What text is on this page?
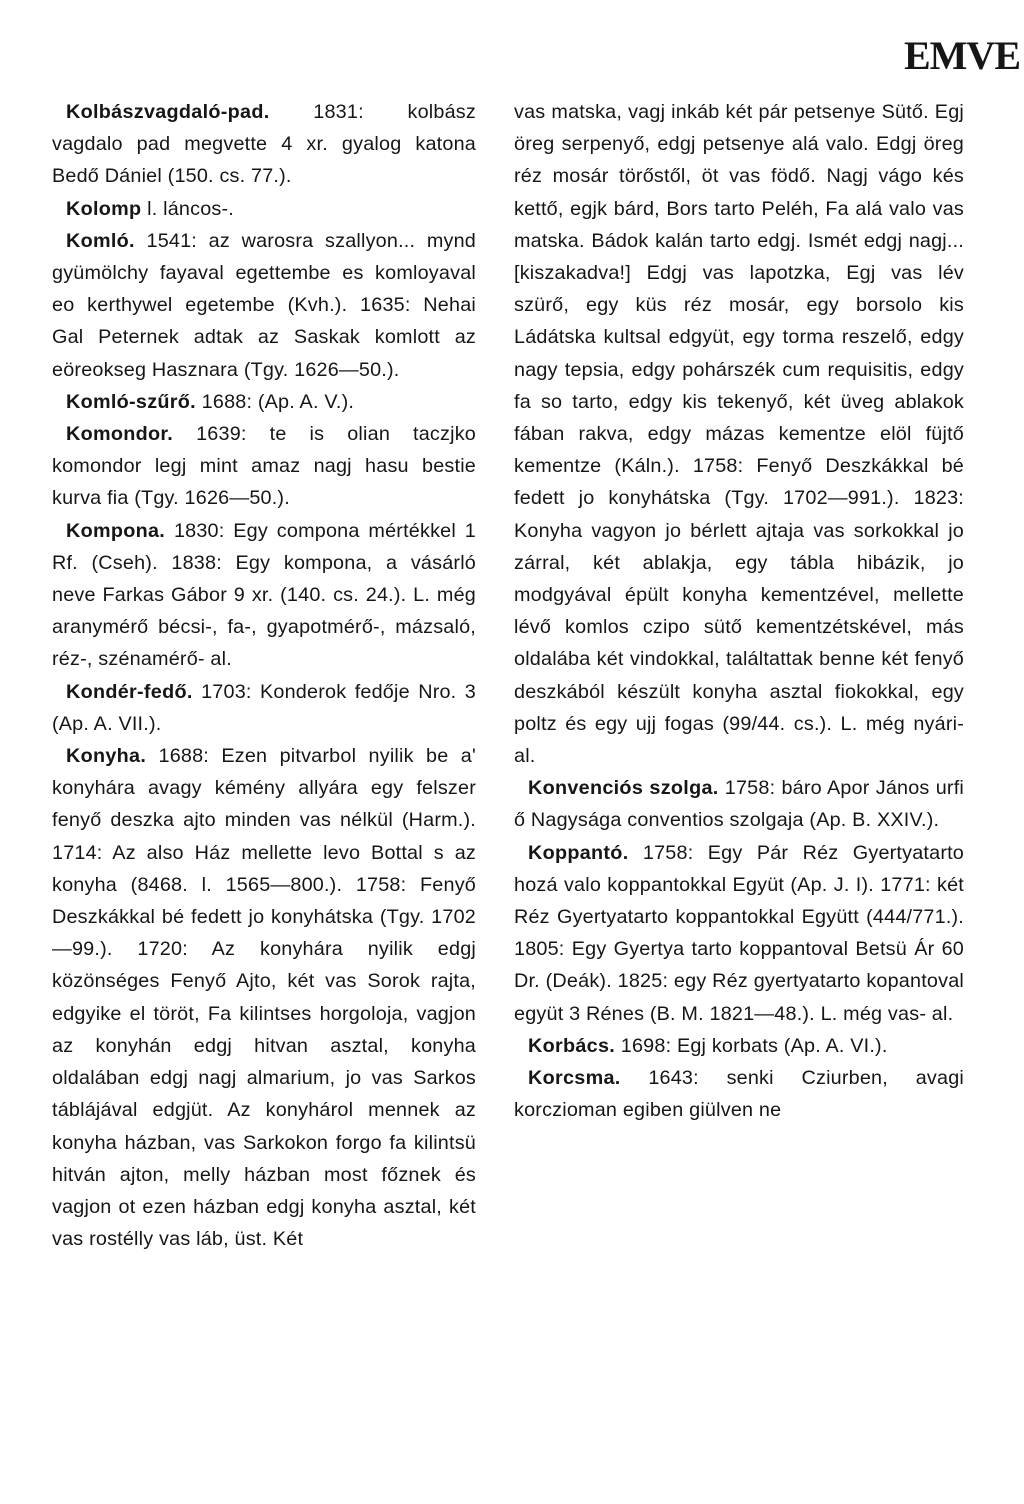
EMVE

Kolbászvagdaló-pad. 1831: kolbász vagdalo pad megvette 4 xr. gyalog katona Bedő Dániel (150. cs. 77.).

Kolomp l. láncos-.

Komló. 1541: az warosra szallyon... mynd gyümölchy fayaval egettembe es komloyaval eo kerthywel egetembe (Kvh.). 1635: Nehai Gal Peternek adtak az Saskak komlott az eöreokseg Hasznara (Tgy. 1626—50.).

Komló-szűrő. 1688: (Ap. A. V.).

Komondor. 1639: te is olian taczjko komondor legj mint amaz nagj hasu bestie kurva fia (Tgy. 1626—50.).

Kompona. 1830: Egy compona mértékkel 1 Rf. (Cseh). 1838: Egy kompona, a vásárló neve Farkas Gábor 9 xr. (140. cs. 24.). L. még aranymérő bécsi-, fa-, gyapotmérő-, mázsaló, réz-, szénamérő- al.

Kondér-fedő. 1703: Konderok fedője Nro. 3 (Ap. A. VII.).

Konyha. 1688: Ezen pitvarbol nyilik be a' konyhára avagy kémény allyára egy felszer fenyő deszka ajto minden vas nélkül (Harm.). 1714: Az also Ház mellette levo Bottal s az konyha (8468. l. 1565—800.). 1758: Fenyő Deszkákkal bé fedett jo konyhátska (Tgy. 1702—99.). 1720: Az konyhára nyilik edgj közönséges Fenyő Ajto, két vas Sorok rajta, edgyike el töröt, Fa kilintses horgoloja, vagjon az konyhán edgj hitvan asztal, konyha oldalában edgj nagj almarium, jo vas Sarkos táblájával edgjüt. Az konyhárol mennek az konyha házban, vas Sarkokon forgo fa kilintsü hitván ajton, melly házban most főznek és vagjon ot ezen házban edgj konyha asztal, két vas rostélly vas láb, üst. Két

vas matska, vagj inkáb két pár petsenye Sütő. Egj öreg serpenyő, edgj petsenye alá valo. Edgj öreg réz mosár törőstől, öt vas födő. Nagj vágo kés kettő, egjk bárd, Bors tarto Peléh, Fa alá valo vas matska. Bádok kalán tarto edgj. Ismét edgj nagj... [kiszakadva!] Edgj vas lapotzka, Egj vas lév szürő, egy küs réz mosár, egy borsolo kis Ládátska kultsal edgyüt, egy torma reszelő, edgy nagy tepsia, edgy pohárszék cum requisitis, edgy fa so tarto, edgy kis tekenyő, két üveg ablakok fában rakva, edgy mázas kementze elöl füjtő kementze (Káln.). 1758: Fenyő Deszkákkal bé fedett jo konyhátska (Tgy. 1702—991.). 1823: Konyha vagyon jo bérlett ajtaja vas sorkokkal jo zárral, két ablakja, egy tábla hibázik, jo modgyával épült konyha kementzével, mellette lévő komlos czipo sütő kementzétskével, más oldalába két vindokkal, találtattak benne két fenyő deszkából készült konyha asztal fiokokkal, egy poltz és egy ujj fogas (99/44. cs.). L. még nyári- al.

Konvenciós szolga. 1758: báro Apor János urfi ő Nagysága conventios szolgaja (Ap. B. XXIV.).

Koppantó. 1758: Egy Pár Réz Gyertyatarto hozá valo koppantokkal Együt (Ap. J. I). 1771: két Réz Gyertyatarto koppantokkal Együtt (444/771.). 1805: Egy Gyertya tarto koppantoval Betsü Ár 60 Dr. (Deák). 1825: egy Réz gyertyatarto kopantoval együt 3 Rénes (B. M. 1821—48.). L. még vas- al.

Korbács. 1698: Egj korbats (Ap. A. VI.).

Korcsma. 1643: senki Cziurben, avagi korczioman egiben giülven ne
